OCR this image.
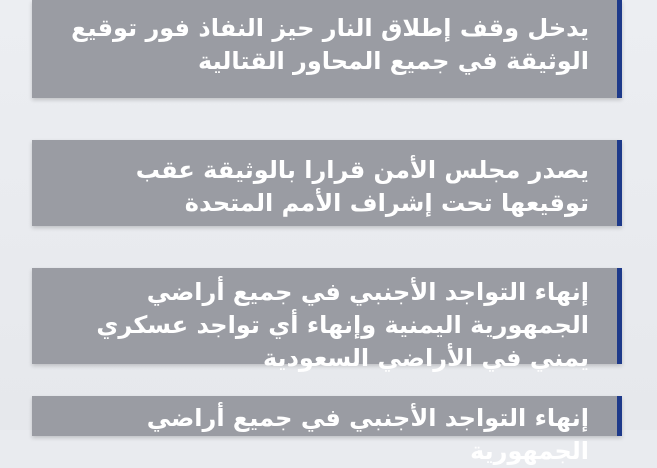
يدخل وقف إطلاق النار حيز النفاذ فور توقيع الوثيقة في جميع المحاور القتالية
يصدر مجلس الأمن قرارا بالوثيقة عقب توقيعها تحت إشراف الأمم المتحدة
إنهاء التواجد الأجنبي في جميع أراضي الجمهورية اليمنية وإنهاء أي تواجد عسكري يمني في الأراضي السعودية
إنهاء التواجد الأجنبي في جميع أراضي الجمهورية
